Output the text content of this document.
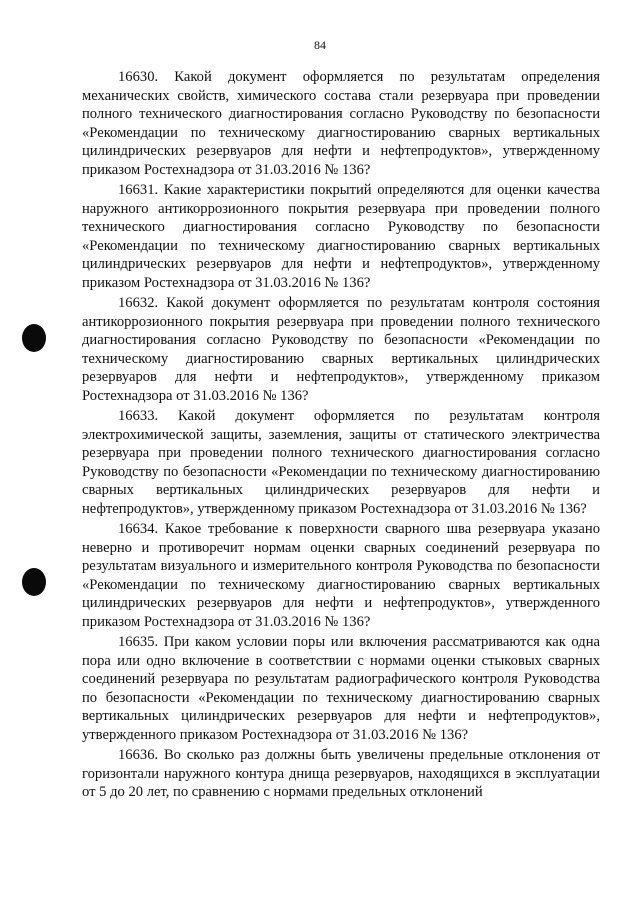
84

16630. Какой документ оформляется по результатам определения механических свойств, химического состава стали резервуара при проведении полного технического диагностирования согласно Руководству по безопасности «Рекомендации по техническому диагностированию сварных вертикальных цилиндрических резервуаров для нефти и нефтепродуктов», утвержденному приказом Ростехнадзора от 31.03.2016 № 136?

16631. Какие характеристики покрытий определяются для оценки качества наружного антикоррозионного покрытия резервуара при проведении полного технического диагностирования согласно Руководству по безопасности «Рекомендации по техническому диагностированию сварных вертикальных цилиндрических резервуаров для нефти и нефтепродуктов», утвержденному приказом Ростехнадзора от 31.03.2016 № 136?

16632. Какой документ оформляется по результатам контроля состояния антикоррозионного покрытия резервуара при проведении полного технического диагностирования согласно Руководству по безопасности «Рекомендации по техническому диагностированию сварных вертикальных цилиндрических резервуаров для нефти и нефтепродуктов», утвержденному приказом Ростехнадзора от 31.03.2016 № 136?

16633. Какой документ оформляется по результатам контроля электрохимической защиты, заземления, защиты от статического электричества резервуара при проведении полного технического диагностирования согласно Руководству по безопасности «Рекомендации по техническому диагностированию сварных вертикальных цилиндрических резервуаров для нефти и нефтепродуктов», утвержденному приказом Ростехнадзора от 31.03.2016 № 136?

16634. Какое требование к поверхности сварного шва резервуара указано неверно и противоречит нормам оценки сварных соединений резервуара по результатам визуального и измерительного контроля Руководства по безопасности «Рекомендации по техническому диагностированию сварных вертикальных цилиндрических резервуаров для нефти и нефтепродуктов», утвержденного приказом Ростехнадзора от 31.03.2016 № 136?

16635. При каком условии поры или включения рассматриваются как одна пора или одно включение в соответствии с нормами оценки стыковых сварных соединений резервуара по результатам радиографического контроля Руководства по безопасности «Рекомендации по техническому диагностированию сварных вертикальных цилиндрических резервуаров для нефти и нефтепродуктов», утвержденного приказом Ростехнадзора от 31.03.2016 № 136?

16636. Во сколько раз должны быть увеличены предельные отклонения от горизонтали наружного контура днища резервуаров, находящихся в эксплуатации от 5 до 20 лет, по сравнению с нормами предельных отклонений
